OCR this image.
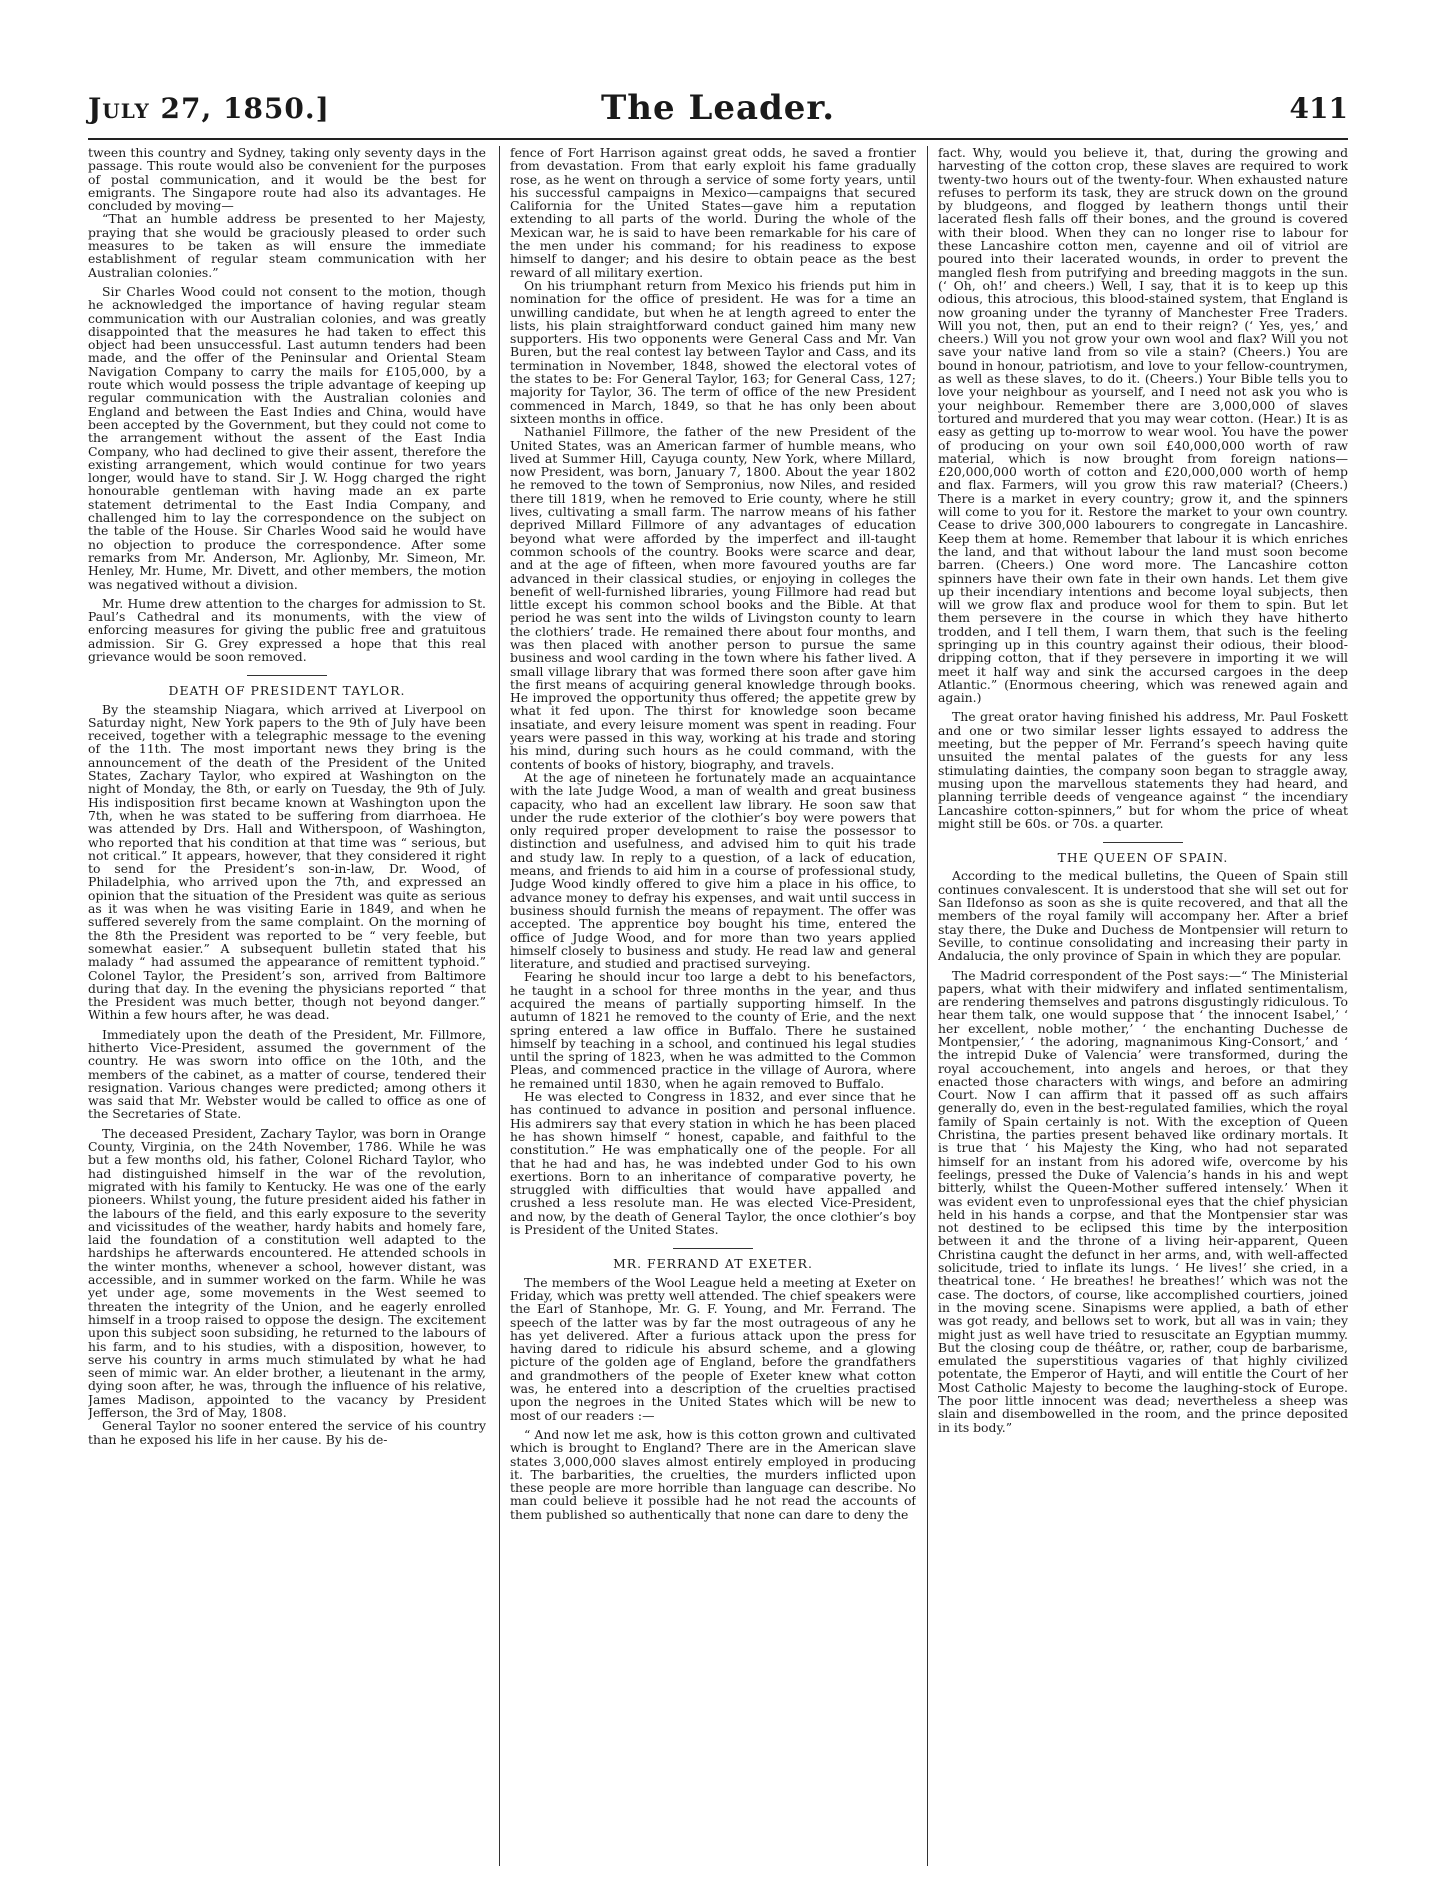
July 27, 1850.]	The Leader.	411

tween this country and Sydney, taking only seventy days in the passage. This route would also be convenient for the purposes of postal communication, and it would be the best for emigrants. The Singapore route had also its advantages. He concluded by moving—

“That an humble address be presented to her Majesty, praying that she would be graciously pleased to order such measures to be taken as will ensure the immediate establishment of regular steam communication with her Australian colonies.”

Sir Charles Wood could not consent to the motion, though he acknowledged the importance of having regular steam communication with our Australian colonies, and was greatly disappointed that the measures he had taken to effect this object had been unsuccessful. Last autumn tenders had been made, and the offer of the Peninsular and Oriental Steam Navigation Company to carry the mails for £105,000, by a route which would possess the triple advantage of keeping up regular communication with the Australian colonies and England and between the East Indies and China, would have been accepted by the Government, but they could not come to the arrangement without the assent of the East India Company, who had declined to give their assent, therefore the existing arrangement, which would continue for two years longer, would have to stand. Sir J. W. Hogg charged the right honourable gentleman with having made an ex parte statement detrimental to the East India Company, and challenged him to lay the correspondence on the subject on the table of the House. Sir Charles Wood said he would have no objection to produce the correspondence. After some remarks from Mr. Anderson, Mr. Aglionby, Mr. Simeon, Mr. Henley, Mr. Hume, Mr. Divett, and other members, the motion was negatived without a division.

Mr. Hume drew attention to the charges for admission to St. Paul’s Cathedral and its monuments, with the view of enforcing measures for giving the public free and gratuitous admission. Sir G. Grey expressed a hope that this real grievance would be soon removed.

DEATH OF PRESIDENT TAYLOR.

By the steamship Niagara, which arrived at Liverpool on Saturday night, New York papers to the 9th of July have been received, together with a telegraphic message to the evening of the 11th. The most important news they bring is the announcement of the death of the President of the United States, Zachary Taylor, who expired at Washington on the night of Monday, the 8th, or early on Tuesday, the 9th of July. His indisposition first became known at Washington upon the 7th, when he was stated to be suffering from diarrhoea. He was attended by Drs. Hall and Witherspoon, of Washington, who reported that his condition at that time was “ serious, but not critical.” It appears, however, that they considered it right to send for the President’s son-in-law, Dr. Wood, of Philadelphia, who arrived upon the 7th, and expressed an opinion that the situation of the President was quite as serious as it was when he was visiting Earie in 1849, and when he suffered severely from the same complaint. On the morning of the 8th the President was reported to be “ very feeble, but somewhat easier.” A subsequent bulletin stated that his malady “ had assumed the appearance of remittent typhoid.” Colonel Taylor, the President’s son, arrived from Baltimore during that day. In the evening the physicians reported “ that the President was much better, though not beyond danger.” Within a few hours after, he was dead.

Immediately upon the death of the President, Mr. Fillmore, hitherto Vice-President, assumed the government of the country. He was sworn into office on the 10th, and the members of the cabinet, as a matter of course, tendered their resignation. Various changes were predicted; among others it was said that Mr. Webster would be called to office as one of the Secretaries of State.

The deceased President, Zachary Taylor, was born in Orange County, Virginia, on the 24th November, 1786. While he was but a few months old, his father, Colonel Richard Taylor, who had distinguished himself in the war of the revolution, migrated with his family to Kentucky. He was one of the early pioneers. Whilst young, the future president aided his father in the labours of the field, and this early exposure to the severity and vicissitudes of the weather, hardy habits and homely fare, laid the foundation of a constitution well adapted to the hardships he afterwards encountered. He attended schools in the winter months, whenever a school, however distant, was accessible, and in summer worked on the farm. While he was yet under age, some movements in the West seemed to threaten the integrity of the Union, and he eagerly enrolled himself in a troop raised to oppose the design. The excitement upon this subject soon subsiding, he returned to the labours of his farm, and to his studies, with a disposition, however, to serve his country in arms much stimulated by what he had seen of mimic war. An elder brother, a lieutenant in the army, dying soon after, he was, through the influence of his relative, James Madison, appointed to the vacancy by President Jefferson, the 3rd of May, 1808.

General Taylor no sooner entered the service of his country than he exposed his life in her cause. By his de-

fence of Fort Harrison against great odds, he saved a frontier from devastation. From that early exploit his fame gradually rose, as he went on through a service of some forty years, until his successful campaigns in Mexico—campaigns that secured California for the United States—gave him a reputation extending to all parts of the world. During the whole of the Mexican war, he is said to have been remarkable for his care of the men under his command; for his readiness to expose himself to danger; and his desire to obtain peace as the best reward of all military exertion.

On his triumphant return from Mexico his friends put him in nomination for the office of president. He was for a time an unwilling candidate, but when he at length agreed to enter the lists, his plain straightforward conduct gained him many new supporters. His two opponents were General Cass and Mr. Van Buren, but the real contest lay between Taylor and Cass, and its termination in November, 1848, showed the electoral votes of the states to be: For General Taylor, 163; for General Cass, 127; majority for Taylor, 36. The term of office of the new President commenced in March, 1849, so that he has only been about sixteen months in office.

Nathaniel Fillmore, the father of the new President of the United States, was an American farmer of humble means, who lived at Summer Hill, Cayuga county, New York, where Millard, now President, was born, January 7, 1800. About the year 1802 he removed to the town of Sempronius, now Niles, and resided there till 1819, when he removed to Erie county, where he still lives, cultivating a small farm. The narrow means of his father deprived Millard Fillmore of any advantages of education beyond what were afforded by the imperfect and ill-taught common schools of the country. Books were scarce and dear, and at the age of fifteen, when more favoured youths are far advanced in their classical studies, or enjoying in colleges the benefit of well-furnished libraries, young Fillmore had read but little except his common school books and the Bible. At that period he was sent into the wilds of Livingston county to learn the clothiers’ trade. He remained there about four months, and was then placed with another person to pursue the same business and wool carding in the town where his father lived. A small village library that was formed there soon after gave him the first means of acquiring general knowledge through books. He improved the opportunity thus offered; the appetite grew by what it fed upon. The thirst for knowledge soon became insatiate, and every leisure moment was spent in reading. Four years were passed in this way, working at his trade and storing his mind, during such hours as he could command, with the contents of books of history, biography, and travels.

At the age of nineteen he fortunately made an acquaintance with the late Judge Wood, a man of wealth and great business capacity, who had an excellent law library. He soon saw that under the rude exterior of the clothier’s boy were powers that only required proper development to raise the possessor to distinction and usefulness, and advised him to quit his trade and study law. In reply to a question, of a lack of education, means, and friends to aid him in a course of professional study, Judge Wood kindly offered to give him a place in his office, to advance money to defray his expenses, and wait until success in business should furnish the means of repayment. The offer was accepted. The apprentice boy bought his time, entered the office of Judge Wood, and for more than two years applied himself closely to business and study. He read law and general literature, and studied and practised surveying.

Fearing he should incur too large a debt to his benefactors, he taught in a school for three months in the year, and thus acquired the means of partially supporting himself. In the autumn of 1821 he removed to the county of Erie, and the next spring entered a law office in Buffalo. There he sustained himself by teaching in a school, and continued his legal studies until the spring of 1823, when he was admitted to the Common Pleas, and commenced practice in the village of Aurora, where he remained until 1830, when he again removed to Buffalo.

He was elected to Congress in 1832, and ever since that he has continued to advance in position and personal influence. His admirers say that every station in which he has been placed he has shown himself “ honest, capable, and faithful to the constitution.” He was emphatically one of the people. For all that he had and has, he was indebted under God to his own exertions. Born to an inheritance of comparative poverty, he struggled with difficulties that would have appalled and crushed a less resolute man. He was elected Vice-President, and now, by the death of General Taylor, the once clothier’s boy is President of the United States.

MR. FERRAND AT EXETER.

The members of the Wool League held a meeting at Exeter on Friday, which was pretty well attended. The chief speakers were the Earl of Stanhope, Mr. G. F. Young, and Mr. Ferrand. The speech of the latter was by far the most outrageous of any he has yet delivered. After a furious attack upon the press for having dared to ridicule his absurd scheme, and a glowing picture of the golden age of England, before the grandfathers and grandmothers of the people of Exeter knew what cotton was, he entered into a description of the cruelties practised upon the negroes in the United States which will be new to most of our readers :—

“ And now let me ask, how is this cotton grown and cultivated which is brought to England? There are in the American slave states 3,000,000 slaves almost entirely employed in producing it. The barbarities, the cruelties, the murders inflicted upon these people are more horrible than language can describe. No man could believe it possible had he not read the accounts of them published so authentically that none can dare to deny the

fact. Why, would you believe it, that, during the growing and harvesting of the cotton crop, these slaves are required to work twenty-two hours out of the twenty-four. When exhausted nature refuses to perform its task, they are struck down on the ground by bludgeons, and flogged by leathern thongs until their lacerated flesh falls off their bones, and the ground is covered with their blood. When they can no longer rise to labour for these Lancashire cotton men, cayenne and oil of vitriol are poured into their lacerated wounds, in order to prevent the mangled flesh from putrifying and breeding maggots in the sun. (‘ Oh, oh!’ and cheers.) Well, I say, that it is to keep up this odious, this atrocious, this blood-stained system, that England is now groaning under the tyranny of Manchester Free Traders. Will you not, then, put an end to their reign? (‘ Yes, yes,’ and cheers.) Will you not grow your own wool and flax? Will you not save your native land from so vile a stain? (Cheers.) You are bound in honour, patriotism, and love to your fellow-countrymen, as well as these slaves, to do it. (Cheers.) Your Bible tells you to love your neighbour as yourself, and I need not ask you who is your neighbour. Remember there are 3,000,000 of slaves tortured and murdered that you may wear cotton. (Hear.) It is as easy as getting up to-morrow to wear wool. You have the power of producing on your own soil £40,000,000 worth of raw material, which is now brought from foreign nations—£20,000,000 worth of cotton and £20,000,000 worth of hemp and flax. Farmers, will you grow this raw material? (Cheers.) There is a market in every country; grow it, and the spinners will come to you for it. Restore the market to your own country. Cease to drive 300,000 labourers to congregate in Lancashire. Keep them at home. Remember that labour it is which enriches the land, and that without labour the land must soon become barren. (Cheers.) One word more. The Lancashire cotton spinners have their own fate in their own hands. Let them give up their incendiary intentions and become loyal subjects, then will we grow flax and produce wool for them to spin. But let them persevere in the course in which they have hitherto trodden, and I tell them, I warn them, that such is the feeling springing up in this country against their odious, their blood-dripping cotton, that if they persevere in importing it we will meet it half way and sink the accursed cargoes in the deep Atlantic.” (Enormous cheering, which was renewed again and again.)

The great orator having finished his address, Mr. Paul Foskett and one or two similar lesser lights essayed to address the meeting, but the pepper of Mr. Ferrand’s speech having quite unsuited the mental palates of the guests for any less stimulating dainties, the company soon began to straggle away, musing upon the marvellous statements they had heard, and planning terrible deeds of vengeance against “ the incendiary Lancashire cotton-spinners,” but for whom the price of wheat might still be 60s. or 70s. a quarter.

THE QUEEN OF SPAIN.

According to the medical bulletins, the Queen of Spain still continues convalescent. It is understood that she will set out for San Ildefonso as soon as she is quite recovered, and that all the members of the royal family will accompany her. After a brief stay there, the Duke and Duchess de Montpensier will return to Seville, to continue consolidating and increasing their party in Andalucia, the only province of Spain in which they are popular.

The Madrid correspondent of the Post says:—“ The Ministerial papers, what with their midwifery and inflated sentimentalism, are rendering themselves and patrons disgustingly ridiculous. To hear them talk, one would suppose that ‘ the innocent Isabel,’ ‘ her excellent, noble mother,’ ‘ the enchanting Duchesse de Montpensier,’ ‘ the adoring, magnanimous King-Consort,’ and ‘ the intrepid Duke of Valencia’ were transformed, during the royal accouchement, into angels and heroes, or that they enacted those characters with wings, and before an admiring Court. Now I can affirm that it passed off as such affairs generally do, even in the best-regulated families, which the royal family of Spain certainly is not. With the exception of Queen Christina, the parties present behaved like ordinary mortals. It is true that ‘ his Majesty the King, who had not separated himself for an instant from his adored wife, overcome by his feelings, pressed the Duke of Valencia’s hands in his and wept bitterly, whilst the Queen-Mother suffered intensely.’ When it was evident even to unprofessional eyes that the chief physician held in his hands a corpse, and that the Montpensier star was not destined to be eclipsed this time by the interposition between it and the throne of a living heir-apparent, Queen Christina caught the defunct in her arms, and, with well-affected solicitude, tried to inflate its lungs. ‘ He lives!’ she cried, in a theatrical tone. ‘ He breathes! he breathes!’ which was not the case. The doctors, of course, like accomplished courtiers, joined in the moving scene. Sinapisms were applied, a bath of ether was got ready, and bellows set to work, but all was in vain; they might just as well have tried to resuscitate an Egyptian mummy. But the closing coup de théâtre, or, rather, coup de barbarisme, emulated the superstitious vagaries of that highly civilized potentate, the Emperor of Hayti, and will entitle the Court of her Most Catholic Majesty to become the laughing-stock of Europe. The poor little innocent was dead; nevertheless a sheep was slain and disembowelled in the room, and the prince deposited in its body.”
